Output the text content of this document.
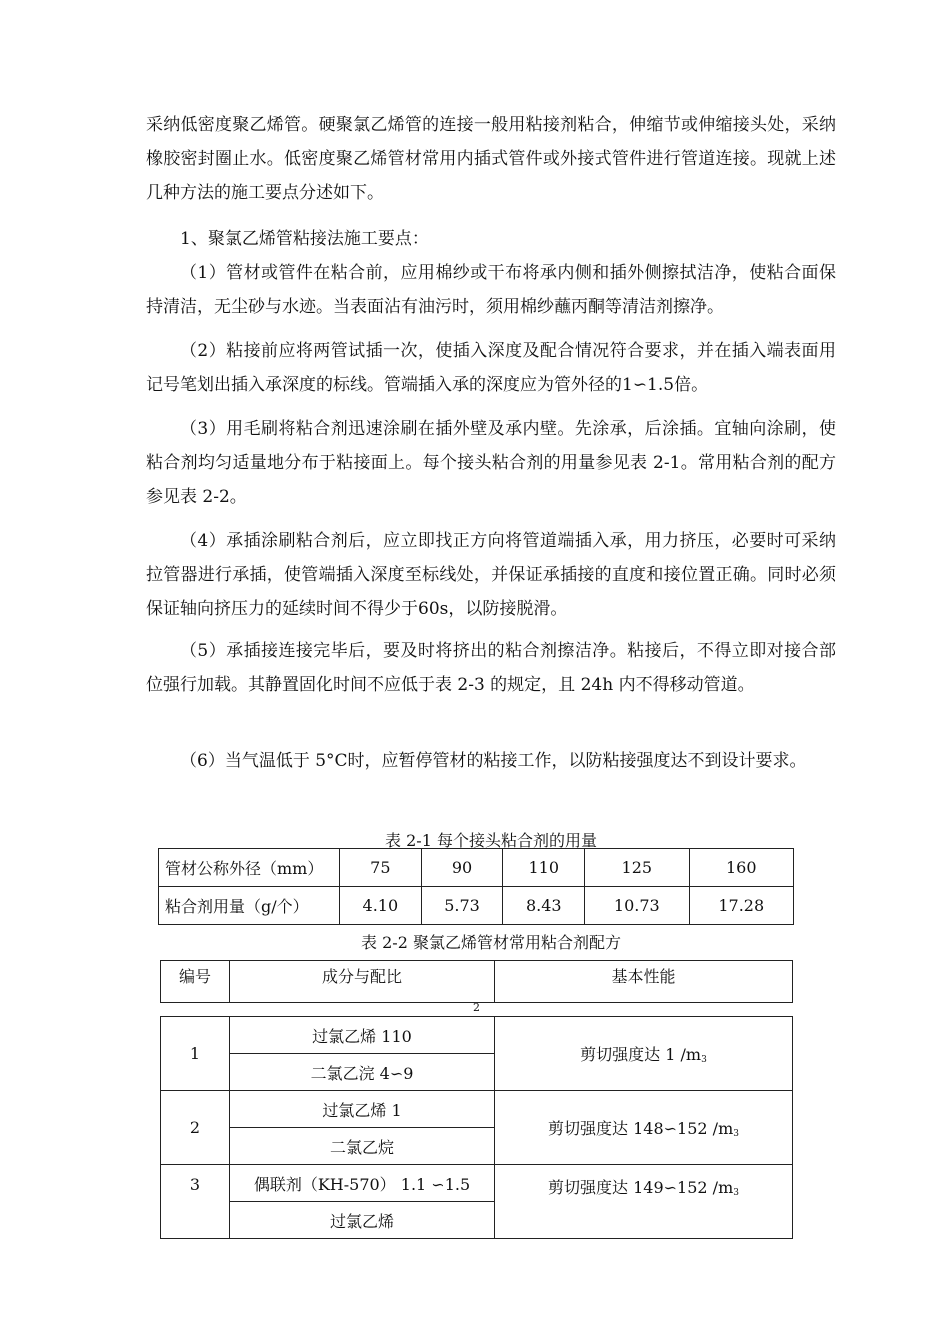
采纳低密度聚乙烯管。硬聚氯乙烯管的连接一般用粘接剂粘合，伸缩节或伸缩接头处，采纳橡胶密封圈止水。低密度聚乙烯管材常用内插式管件或外接式管件进行管道连接。现就上述几种方法的施工要点分述如下。

1、聚氯乙烯管粘接法施工要点：

（1）管材或管件在粘合前，应用棉纱或干布将承内侧和插外侧擦拭洁净，使粘合面保持清洁，无尘砂与水迹。当表面沾有油污时，须用棉纱蘸丙酮等清洁剂擦净。

（2）粘接前应将两管试插一次，使插入深度及配合情况符合要求，并在插入端表面用记号笔划出插入承深度的标线。管端插入承的深度应为管外径的1∽1.5倍。

（3）用毛刷将粘合剂迅速涂刷在插外壁及承内壁。先涂承，后涂插。宜轴向涂刷，使粘合剂均匀适量地分布于粘接面上。每个接头粘合剂的用量参见表 2-1。常用粘合剂的配方参见表 2-2。

（4）承插涂刷粘合剂后，应立即找正方向将管道端插入承，用力挤压，必要时可采纳拉管器进行承插，使管端插入深度至标线处，并保证承插接的直度和接位置正确。同时必须保证轴向挤压力的延续时间不得少于60s，以防接脱滑。

（5）承插接连接完毕后，要及时将挤出的粘合剂擦洁净。粘接后，不得立即对接合部位强行加载。其静置固化时间不应低于表 2-3 的规定，且 24h 内不得移动管道。

（6）当气温低于 5°C时，应暂停管材的粘接工作，以防粘接强度达不到设计要求。

表 2-1 每个接头粘合剂的用量
管材公称外径（mm）	75	90	110	125	160
粘合剂用量（g/个）	4.10	5.73	8.43	10.73	17.28
表 2-2 聚氯乙烯管材常用粘合剂配方
编号	成分与配比	基本性能
2
1	过氯乙烯 110	剪切强度达 1 $/m_3$
	二氯乙浣 4∽9	
2	过氯乙烯 1	剪切强度达 148∽152 $/m_3$
	二氯乙烷	
3	偶联剂（KH-570） 1.1 ∽1.5	剪切强度达 149∽152 $/m_3$
	过氯乙烯	
